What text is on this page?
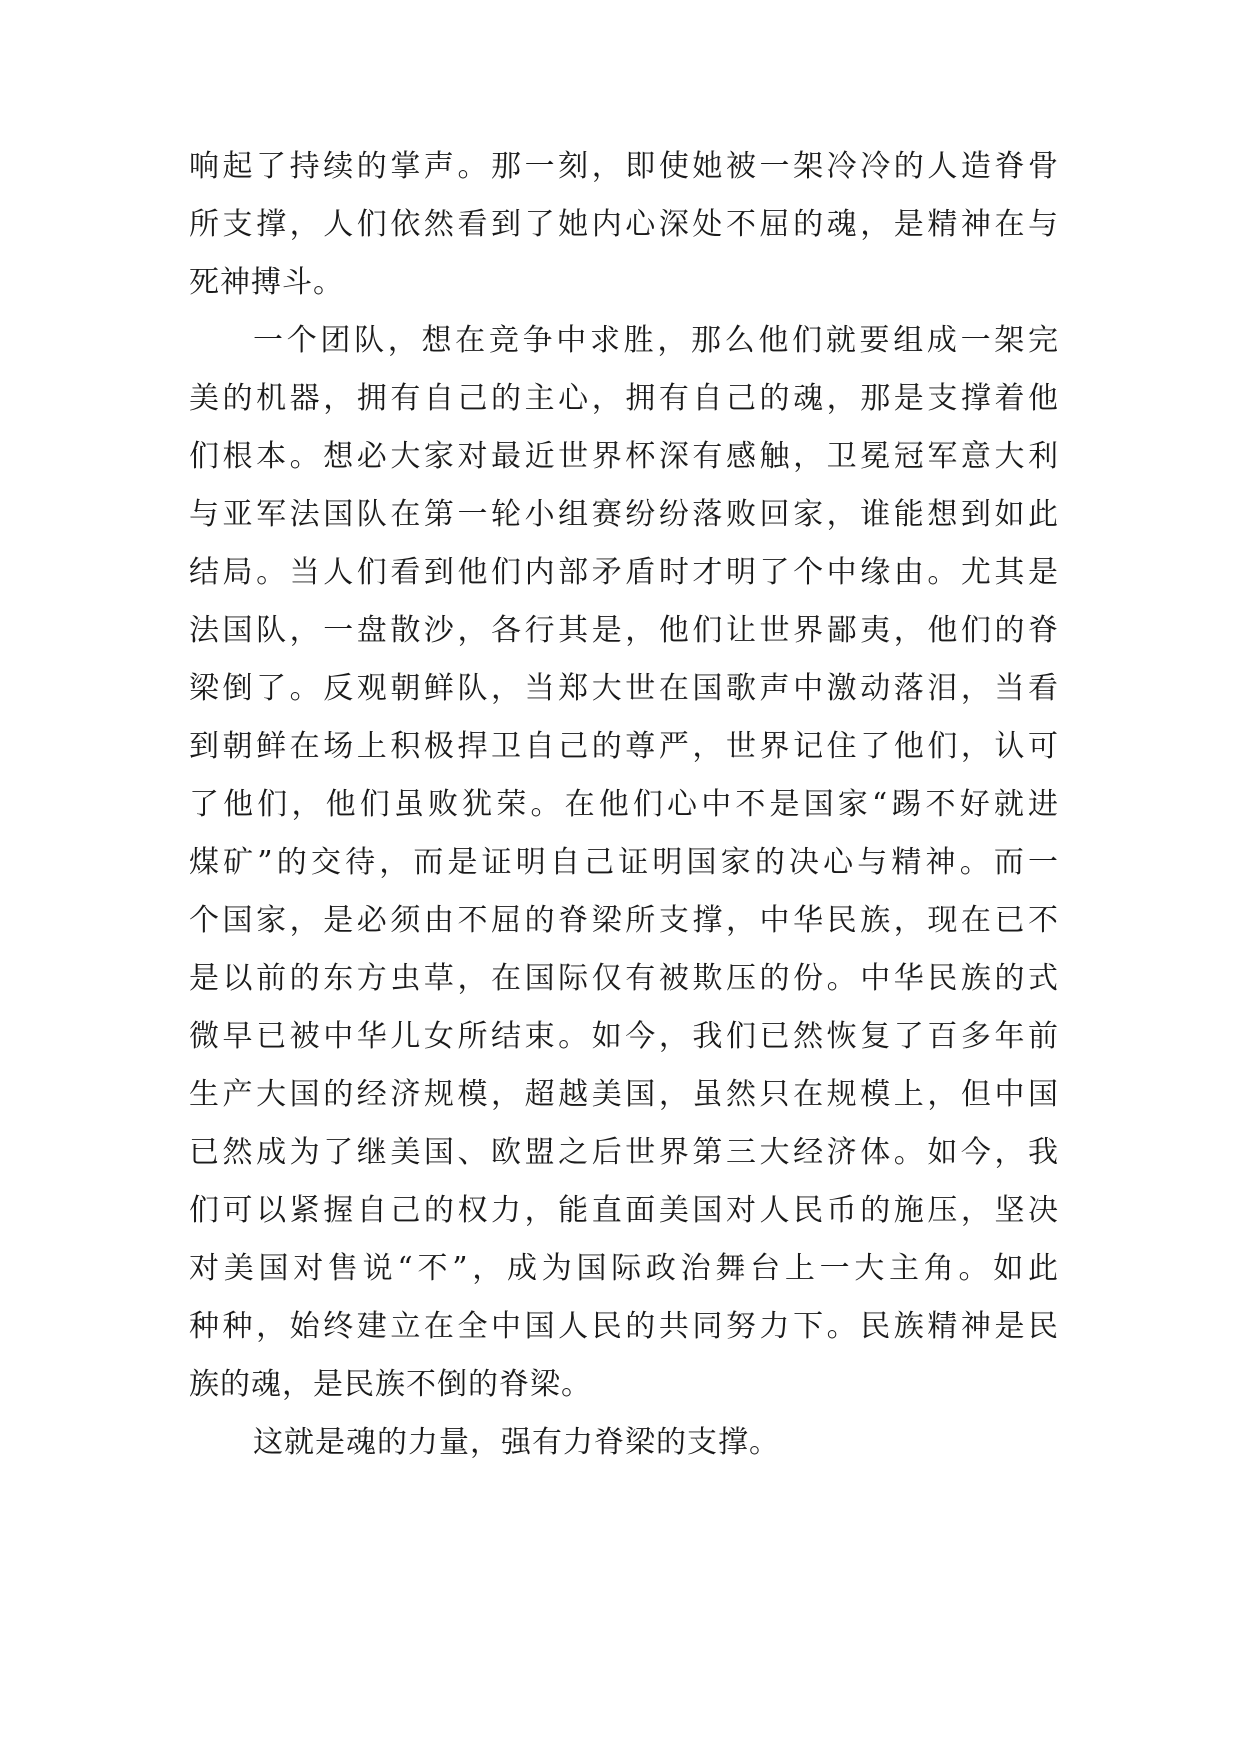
响起了持续的掌声。那一刻，即使她被一架冷冷的人造脊骨
所支撑，人们依然看到了她内心深处不屈的魂，是精神在与
死神搏斗。
一个团队，想在竞争中求胜，那么他们就要组成一架完
美的机器，拥有自己的主心，拥有自己的魂，那是支撑着他
们根本。想必大家对最近世界杯深有感触，卫冕冠军意大利
与亚军法国队在第一轮小组赛纷纷落败回家，谁能想到如此
结局。当人们看到他们内部矛盾时才明了个中缘由。尤其是
法国队，一盘散沙，各行其是，他们让世界鄙夷，他们的脊
梁倒了。反观朝鲜队，当郑大世在国歌声中激动落泪，当看
到朝鲜在场上积极捍卫自己的尊严，世界记住了他们，认可
了他们，他们虽败犹荣。在他们心中不是国家“踢不好就进
煤矿”的交待，而是证明自己证明国家的决心与精神。而一
个国家，是必须由不屈的脊梁所支撑，中华民族，现在已不
是以前的东方虫草，在国际仅有被欺压的份。中华民族的式
微早已被中华儿女所结束。如今，我们已然恢复了百多年前
生产大国的经济规模，超越美国，虽然只在规模上，但中国
已然成为了继美国、欧盟之后世界第三大经济体。如今，我
们可以紧握自己的权力，能直面美国对人民币的施压，坚决
对美国对售说“不”，成为国际政治舞台上一大主角。如此
种种，始终建立在全中国人民的共同努力下。民族精神是民
族的魂，是民族不倒的脊梁。
这就是魂的力量，强有力脊梁的支撑。
